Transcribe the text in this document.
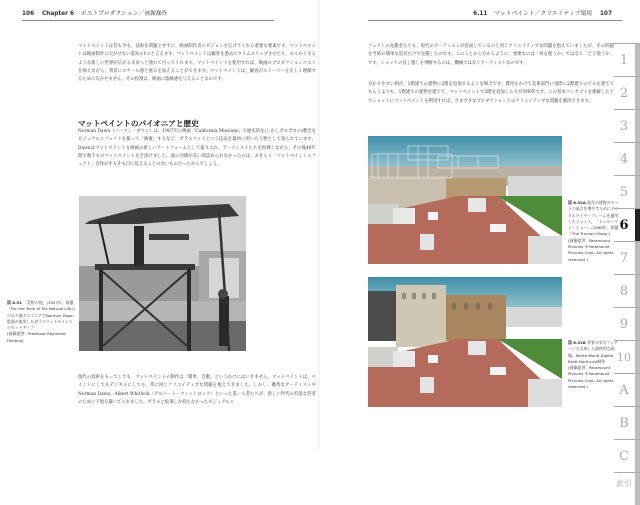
106 Chapter 6 ポストプロダクション／画像操作

マットペイントは昔も今も、技術を問題とせずに、映画制作者のビジョンを広げてくれる重要な要素です。マットペイントは映画制作に欠かせない道具の1つと言えます。マットペイントは観客を過去にタイムスリップさせたり、わくわくするような新しい世界が広がる未来へと連れて行ってくれます。マットペイントを使用すれば、映画のプロダクションコストを抑えながら、背景にスケール感と重みを加えることができます。マットペイントは、観客がストーリーを正しく理解するために欠かせません。その役割は、映画に臨場感を与えることなのです。

マットペイントのパイオニアと歴史

Norman Dawn（ノーマン・ダウン）は、1907年に映画『California Missions』で歴史的な(しかしボロボロの)教会をビジュアルエフェクトを使って「修復」するなど、ガラスマットという技法を最初に用いた人物として知られています。Dawnはマットペイントを映画の新しいアートフォームとして取り入れ、アーティストたちを指揮しながら、その後40年間で数千ものマットペイントを手掛けました。彼の功績が長い間認められなかったのは、おそらく「マットペイントエフェクト」自体がそもそも目に見えることのないものだったからでしょう。

図 6.51 「荒野の掟」(1927年、原題『For the Term of His Natural Life』)のロケ地タスマニアでNorman Dawn監督が使用したガラスマットペイントのセットアップ
(画像提供：Professor Raymond Fielding)

現代の技術をもってしても、マットペイントの制作は「簡単、自動」というわけにはいきません。マットペイントは、ペイントにしてもデジタルにしても、常に同じクリエイティブな問題を抱えてきました。しかし、優秀なアーティストやNorman Dawn、Albert Whitlock（アルバート・ウィットロック）といった第一人者たちが、新しい世代の有能な若者のために下地を築いてくれました。ガラスと絵筆しか持たなかったビジュアルエ

6.11 マットペイント／クリエイティブ環境 107

フェクトの先駆者たちも、現代のアーティストが直面しているのと同じクリエイティブな問題を抱えていましたが、その問題を当時の簡単な道具だけで克服したのです。このことから分かるように、重要なのは「何を使うか」ではなく「どう使うか」です。ショットの良し悪しを判断するのは、機械ではなくアーティストなのです。

分かりやすい例が、1階建ての建物に2階を追加するような場合です。費用をかけて美術部門に実際に2階建てのビルを建ててもらうよりも、1階建ての建物を建てて、マットペイントで2階を追加した方が効率的です。この基本コンセプトを理解した上でショットにマットペイントを利用すれば、さまざまなプロダクション上のクリエイティブな問題を解決できます。

図 6.52A 既存の建物のセットの高さを増やすためにデジタルワイヤーフレームを適用したショット。「トゥルーマン・ショー」(1998年、原題『The Truman Show』)
(画像提供：Paramount Pictures ©Paramount Pictures Corp. All rights reserved.)
図 6.52B 背景の実写フッテージと合成した最終的な画像。Matte World Digital、Brett Northcutt制作
(画像提供：Paramount Pictures ©Paramount Pictures Corp. All rights reserved.)
1
2
3
4
5
6
7
8
9
10
A
B
C
索引
